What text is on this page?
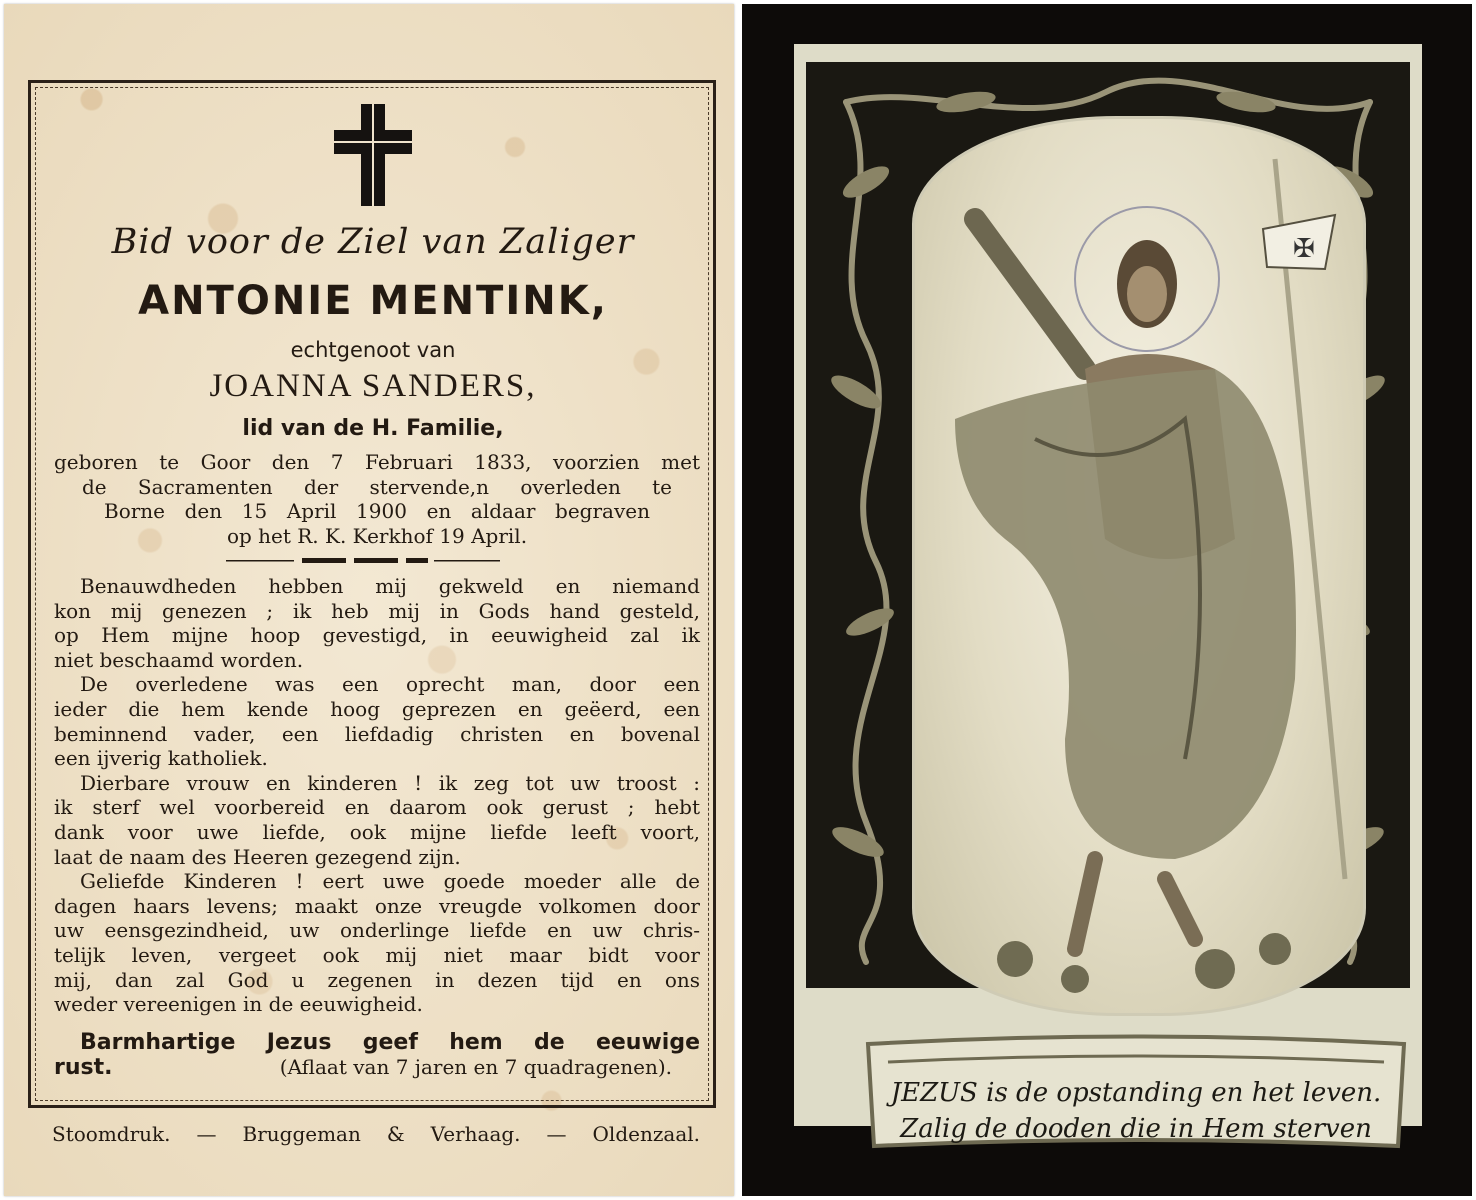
Bid voor de Ziel van Zaliger
ANTONIE MENTINK,
echtgenoot van
JOANNA SANDERS,
lid van de H. Familie,
geboren te Goor den 7 Februari 1833, voorzien met
de Sacramenten der stervende,n overleden te
Borne den 15 April 1900 en aldaar begraven
op het R. K. Kerkhof 19 April.
Benauwdheden hebben mij gekweld en niemand
kon mij genezen ; ik heb mij in Gods hand gesteld,
op Hem mijne hoop gevestigd, in eeuwigheid zal ik
niet beschaamd worden.
De overledene was een oprecht man, door een
ieder die hem kende hoog geprezen en geëerd, een
beminnend vader, een liefdadig christen en bovenal
een ijverig katholiek.
Dierbare vrouw en kinderen ! ik zeg tot uw troost :
ik sterf wel voorbereid en daarom ook gerust ; hebt
dank voor uwe liefde, ook mijne liefde leeft voort,
laat de naam des Heeren gezegend zijn.
Geliefde Kinderen ! eert uwe goede moeder alle de
dagen haars levens; maakt onze vreugde volkomen door
uw eensgezindheid, uw onderlinge liefde en uw chris-
telijk leven, vergeet ook mij niet maar bidt voor
mij, dan zal God u zegenen in dezen tijd en ons
weder vereenigen in de eeuwigheid.
Barmhartige Jezus geef hem de eeuwige
rust.	(Aflaat van 7 jaren en 7 quadragenen).
Stoomdruk. — Bruggeman & Verhaag. — Oldenzaal.
✠
JEZUS is de opstanding en het leven.
Zalig de dooden die in Hem sterven
